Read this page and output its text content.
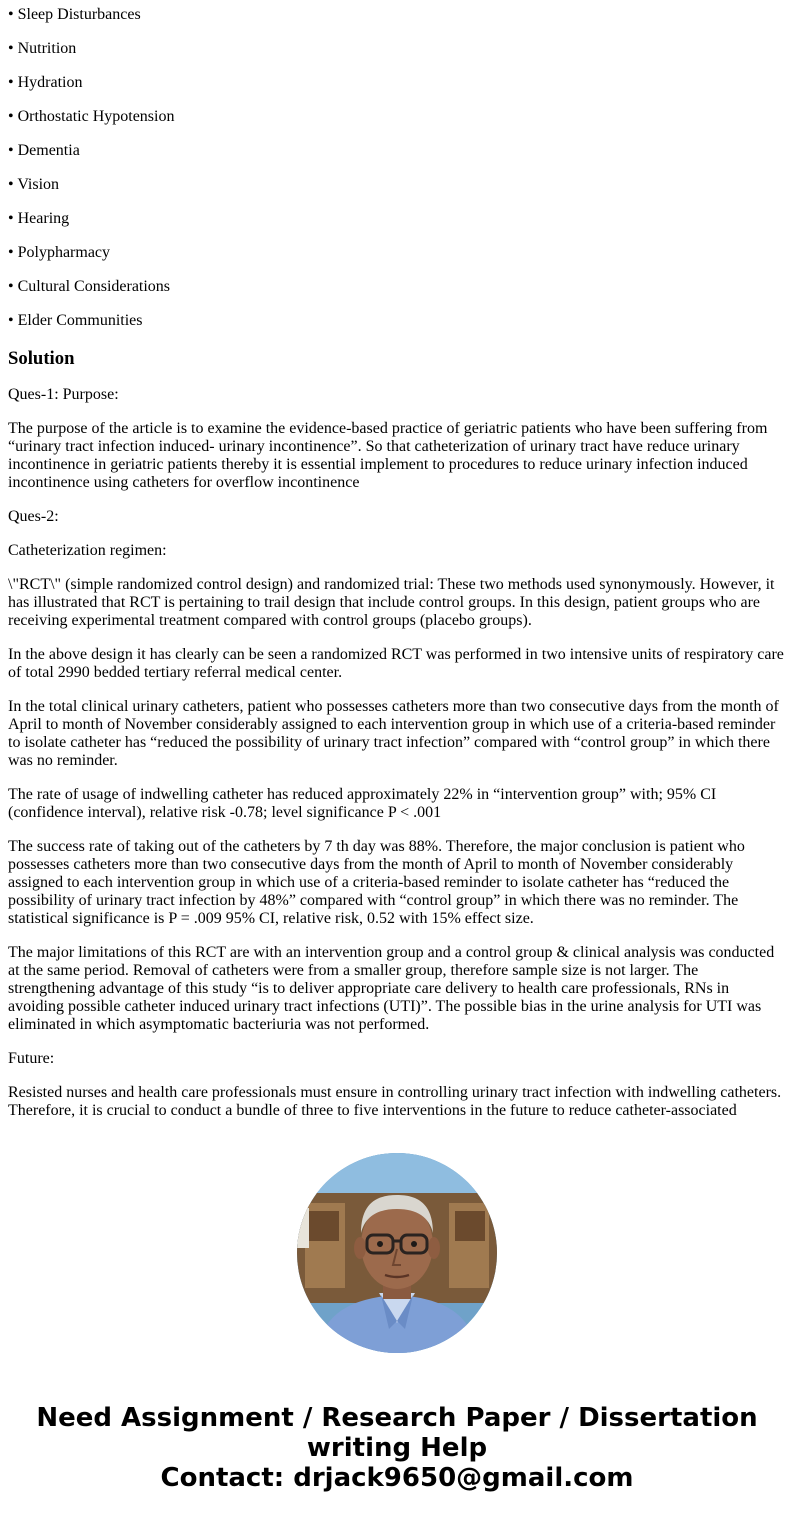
• Sleep Disturbances
• Nutrition
• Hydration
• Orthostatic Hypotension
• Dementia
• Vision
• Hearing
• Polypharmacy
• Cultural Considerations
• Elder Communities
Solution

Ques-1: Purpose:

The purpose of the article is to examine the evidence-based practice of geriatric patients who have been suffering from “urinary tract infection induced- urinary incontinence”. So that catheterization of urinary tract have reduce urinary incontinence in geriatric patients thereby it is essential implement to procedures to reduce urinary infection induced incontinence using catheters for overflow incontinence

Ques-2:

Catheterization regimen:

\"RCT\" (simple randomized control design) and randomized trial: These two methods used synonymously. However, it has illustrated that RCT is pertaining to trail design that include control groups. In this design, patient groups who are receiving experimental treatment compared with control groups (placebo groups).

In the above design it has clearly can be seen a randomized RCT was performed in two intensive units of respiratory care of total 2990 bedded tertiary referral medical center.

In the total clinical urinary catheters, patient who possesses catheters more than two consecutive days from the month of April to month of November considerably assigned to each intervention group in which use of a criteria-based reminder to isolate catheter has “reduced the possibility of urinary tract infection” compared with “control group” in which there was no reminder.

The rate of usage of indwelling catheter has reduced approximately 22% in “intervention group” with; 95% CI (confidence interval), relative risk -0.78; level significance P < .001

The success rate of taking out of the catheters by 7 th day was 88%. Therefore, the major conclusion is patient who possesses catheters more than two consecutive days from the month of April to month of November considerably assigned to each intervention group in which use of a criteria-based reminder to isolate catheter has “reduced the possibility of urinary tract infection by 48%” compared with “control group” in which there was no reminder. The statistical significance is P = .009 95% CI, relative risk, 0.52 with 15% effect size.

The major limitations of this RCT are with an intervention group and a control group & clinical analysis was conducted at the same period. Removal of catheters were from a smaller group, therefore sample size is not larger. The strengthening advantage of this study “is to deliver appropriate care delivery to health care professionals, RNs in avoiding possible catheter induced urinary tract infections (UTI)”. The possible bias in the urine analysis for UTI was eliminated in which asymptomatic bacteriuria was not performed.

Future:

Resisted nurses and health care professionals must ensure in controlling urinary tract infection with indwelling catheters. Therefore, it is crucial to conduct a bundle of three to five interventions in the future to reduce catheter-associated

Need Assignment / Research Paper / Dissertation writing Help
Contact: drjack9650@gmail.com
